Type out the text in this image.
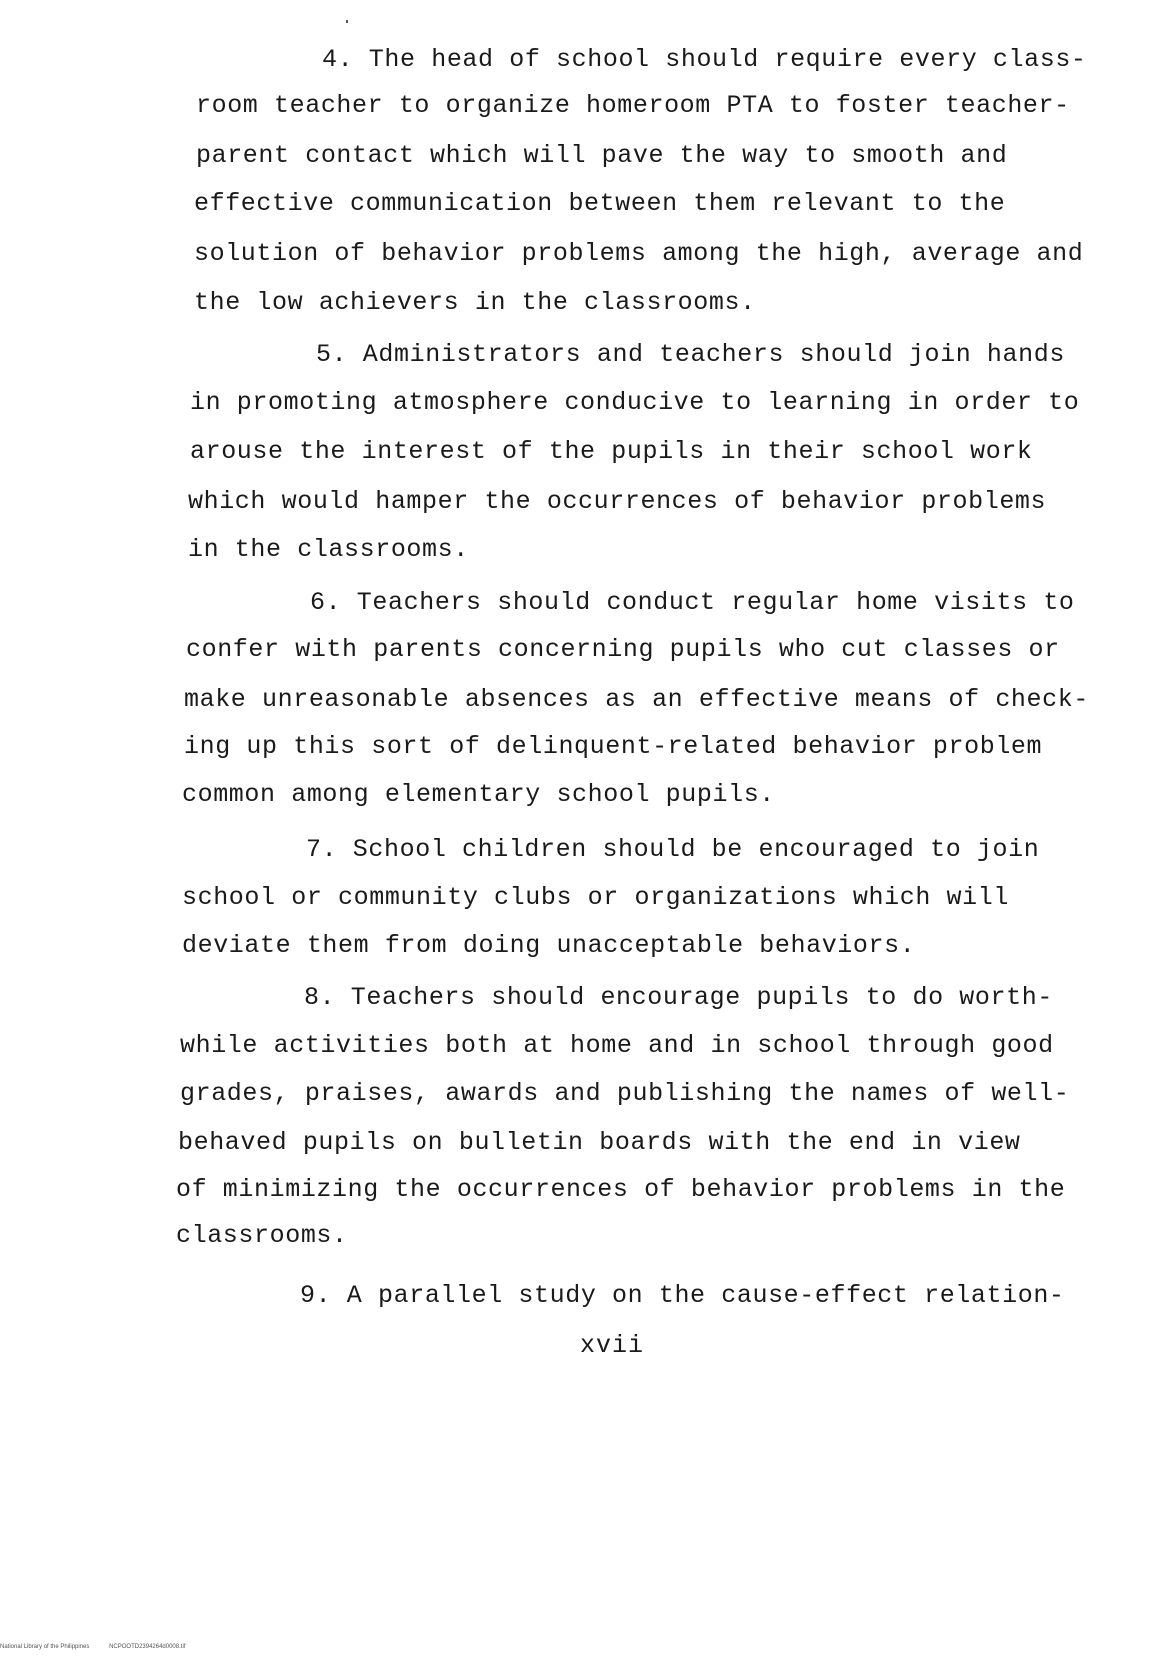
4. The head of school should require every class-
room teacher to organize homeroom PTA to foster teacher-
parent contact which will pave the way to smooth and
effective communication between them relevant to the
solution of behavior problems among the high, average and
the low achievers in the classrooms.
5. Administrators and teachers should join hands
in promoting atmosphere conducive to learning in order to
arouse the interest of the pupils in their school work
which would hamper the occurrences of behavior problems
in the classrooms.
6. Teachers should conduct regular home visits to
confer with parents concerning pupils who cut classes or
make unreasonable absences as an effective means of check-
ing up this sort of delinquent-related behavior problem
common among elementary school pupils.
7. School children should be encouraged to join
school or community clubs or organizations which will
deviate them from doing unacceptable behaviors.
8. Teachers should encourage pupils to do worth-
while activities both at home and in school through good
grades, praises, awards and publishing the names of well-
behaved pupils on bulletin boards with the end in view
of minimizing the occurrences of behavior problems in the
classrooms.
9. A parallel study on the cause-effect relation-
xvii
National Library of the Philippines	NCPOOTD2394264d0008.tif
